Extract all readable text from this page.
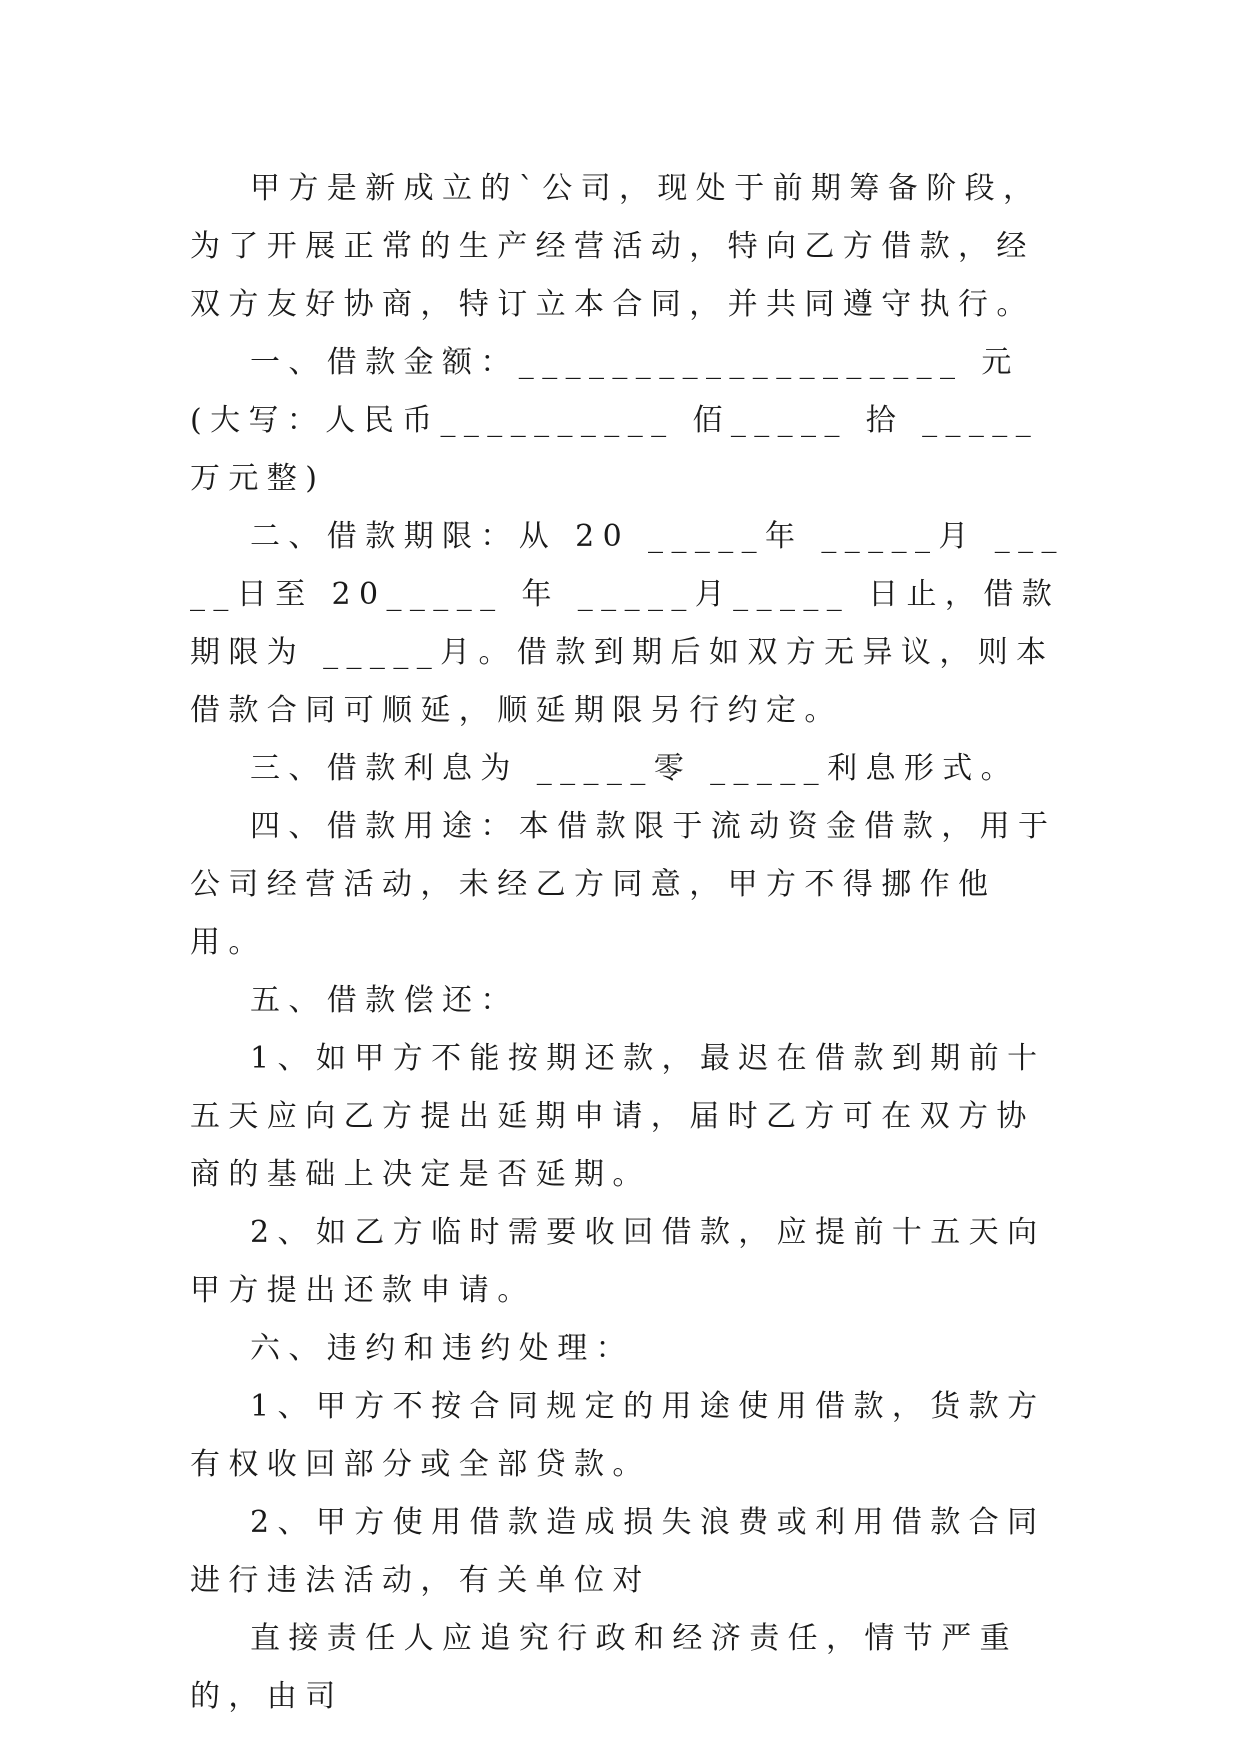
甲方是新成立的`公司，现处于前期筹备阶段，为了开展正常的生产经营活动，特向乙方借款，经双方友好协商，特订立本合同，并共同遵守执行。

一、借款金额：___________________ 元(大写：人民币__________ 佰_____ 拾 _____万元整)

二、借款期限：从 20 _____年 _____月 _____日至 20_____ 年 _____月_____ 日止，借款期限为 _____月。借款到期后如双方无异议，则本借款合同可顺延，顺延期限另行约定。

三、借款利息为 _____零 _____利息形式。

四、借款用途：本借款限于流动资金借款，用于公司经营活动，未经乙方同意，甲方不得挪作他用。

五、借款偿还：

1、如甲方不能按期还款，最迟在借款到期前十五天应向乙方提出延期申请，届时乙方可在双方协商的基础上决定是否延期。

2、如乙方临时需要收回借款，应提前十五天向甲方提出还款申请。

六、违约和违约处理：

1、甲方不按合同规定的用途使用借款，货款方有权收回部分或全部贷款。

2、甲方使用借款造成损失浪费或利用借款合同进行违法活动，有关单位对

直接责任人应追究行政和经济责任，情节严重的，由司
